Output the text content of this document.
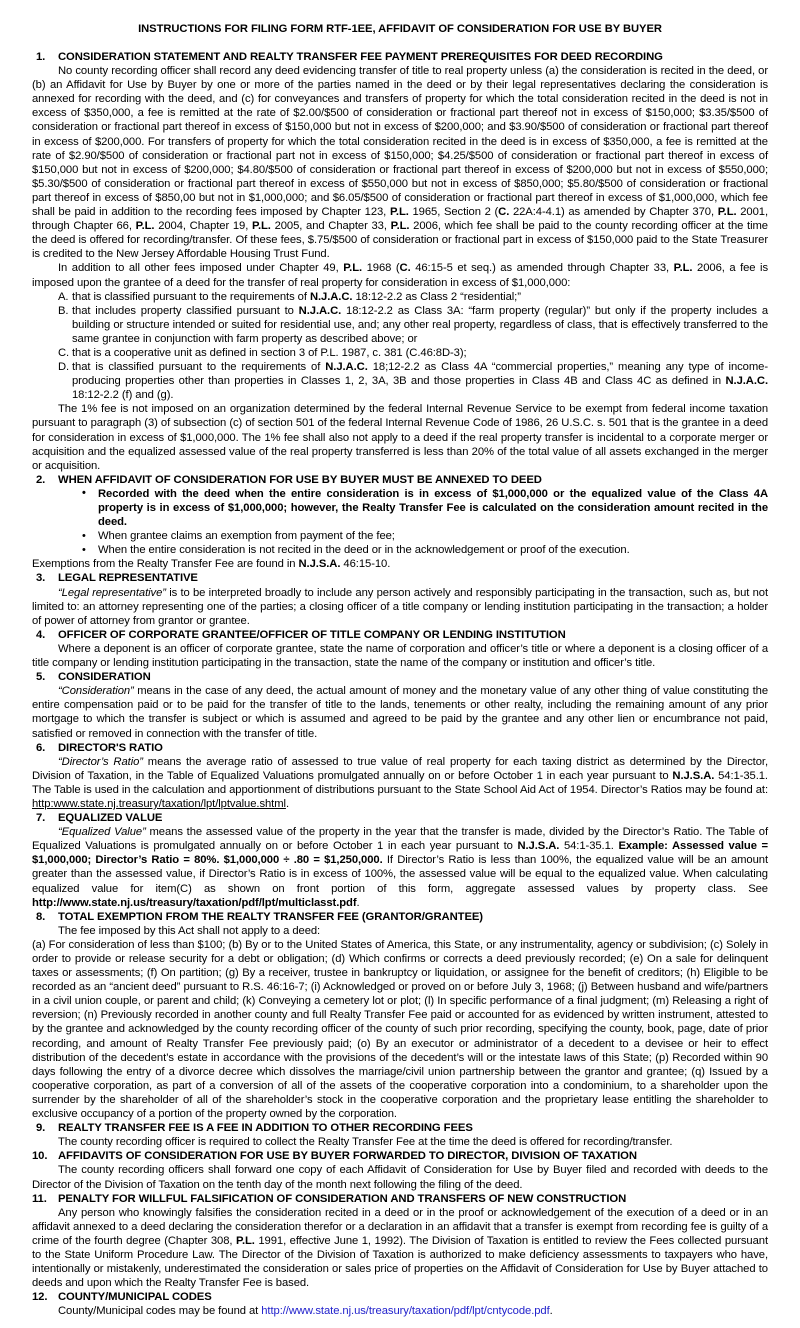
INSTRUCTIONS FOR FILING FORM RTF-1EE, AFFIDAVIT OF CONSIDERATION FOR USE BY BUYER
1.	CONSIDERATION STATEMENT AND REALTY TRANSFER FEE PAYMENT PREREQUISITES FOR DEED RECORDING

No county recording officer shall record any deed evidencing transfer of title to real property unless (a) the consideration is recited in the deed, or (b) an Affidavit for Use by Buyer by one or more of the parties named in the deed or by their legal representatives declaring the consideration is annexed for recording with the deed, and (c) for conveyances and transfers of property for which the total consideration recited in the deed is not in excess of $350,000, a fee is remitted at the rate of $2.00/$500 of consideration or fractional part thereof not in excess of $150,000; $3.35/$500 of consideration or fractional part thereof in excess of $150,000 but not in excess of $200,000; and $3.90/$500 of consideration or fractional part thereof in excess of $200,000. For transfers of property for which the total consideration recited in the deed is in excess of $350,000, a fee is remitted at the rate of $2.90/$500 of consideration or fractional part not in excess of $150,000; $4.25/$500 of consideration or fractional part thereof in excess of $150,000 but not in excess of $200,000; $4.80/$500 of consideration or fractional part thereof in excess of $200,000 but not in excess of $550,000; $5.30/$500 of consideration or fractional part thereof in excess of $550,000 but not in excess of $850,000; $5.80/$500 of consideration or fractional part thereof in excess of $850,00 but not in $1,000,000; and $6.05/$500 of consideration or fractional part thereof in excess of $1,000,000, which fee shall be paid in addition to the recording fees imposed by Chapter 123, P.L. 1965, Section 2 (C. 22A:4-4.1) as amended by Chapter 370, P.L. 2001, through Chapter 66, P.L. 2004, Chapter 19, P.L. 2005, and Chapter 33, P.L. 2006, which fee shall be paid to the county recording officer at the time the deed is offered for recording/transfer. Of these fees, $.75/$500 of consideration or fractional part in excess of $150,000 paid to the State Treasurer is credited to the New Jersey Affordable Housing Trust Fund.

In addition to all other fees imposed under Chapter 49, P.L. 1968 (C. 46:15-5 et seq.) as amended through Chapter 33, P.L. 2006, a fee is imposed upon the grantee of a deed for the transfer of real property for consideration in excess of $1,000,000:

A. that is classified pursuant to the requirements of N.J.A.C. 18:12-2.2 as Class 2 “residential;”

B. that includes property classified pursuant to N.J.A.C. 18:12-2.2 as Class 3A: “farm property (regular)” but only if the property includes a building or structure intended or suited for residential use, and; any other real property, regardless of class, that is effectively transferred to the same grantee in conjunction with farm property as described above; or

C. that is a cooperative unit as defined in section 3 of P.L. 1987, c. 381 (C.46:8D-3);

D. that is classified pursuant to the requirements of N.J.A.C. 18;12-2.2 as Class 4A “commercial properties,” meaning any type of income-producing properties other than properties in Classes 1, 2, 3A, 3B and those properties in Class 4B and Class 4C as defined in N.J.A.C. 18:12-2.2 (f) and (g).

The 1% fee is not imposed on an organization determined by the federal Internal Revenue Service to be exempt from federal income taxation pursuant to paragraph (3) of subsection (c) of section 501 of the federal Internal Revenue Code of 1986, 26 U.S.C. s. 501 that is the grantee in a deed for consideration in excess of $1,000,000. The 1% fee shall also not apply to a deed if the real property transfer is incidental to a corporate merger or acquisition and the equalized assessed value of the real property transferred is less than 20% of the total value of all assets exchanged in the merger or acquisition.

2.	WHEN AFFIDAVIT OF CONSIDERATION FOR USE BY BUYER MUST BE ANNEXED TO DEED
• Recorded with the deed when the entire consideration is in excess of $1,000,000 or the equalized value of the Class 4A property is in excess of $1,000,000; however, the Realty Transfer Fee is calculated on the consideration amount recited in the deed.
• When grantee claims an exemption from payment of the fee;
• When the entire consideration is not recited in the deed or in the acknowledgement or proof of the execution.

Exemptions from the Realty Transfer Fee are found in N.J.S.A. 46:15-10.

3.	LEGAL REPRESENTATIVE

“Legal representative” is to be interpreted broadly to include any person actively and responsibly participating in the transaction, such as, but not limited to: an attorney representing one of the parties; a closing officer of a title company or lending institution participating in the transaction; a holder of power of attorney from grantor or grantee.

4.	OFFICER OF CORPORATE GRANTEE/OFFICER OF TITLE COMPANY OR LENDING INSTITUTION

Where a deponent is an officer of corporate grantee, state the name of corporation and officer’s title or where a deponent is a closing officer of a title company or lending institution participating in the transaction, state the name of the company or institution and officer’s title.

5.	CONSIDERATION

“Consideration” means in the case of any deed, the actual amount of money and the monetary value of any other thing of value constituting the entire compensation paid or to be paid for the transfer of title to the lands, tenements or other realty, including the remaining amount of any prior mortgage to which the transfer is subject or which is assumed and agreed to be paid by the grantee and any other lien or encumbrance not paid, satisfied or removed in connection with the transfer of title.

6.	DIRECTOR'S RATIO

“Director’s Ratio” means the average ratio of assessed to true value of real property for each taxing district as determined by the Director, Division of Taxation, in the Table of Equalized Valuations promulgated annually on or before October 1 in each year pursuant to N.J.S.A. 54:1-35.1. The Table is used in the calculation and apportionment of distributions pursuant to the State School Aid Act of 1954. Director’s Ratios may be found at: http:www.state.nj.treasury/taxation/lpt/lptvalue.shtml.

7.	EQUALIZED VALUE

“Equalized Value” means the assessed value of the property in the year that the transfer is made, divided by the Director’s Ratio. The Table of Equalized Valuations is promulgated annually on or before October 1 in each year pursuant to N.J.S.A. 54:1-35.1. Example: Assessed value = $1,000,000; Director’s Ratio = 80%. $1,000,000 ÷ .80 = $1,250,000. If Director’s Ratio is less than 100%, the equalized value will be an amount greater than the assessed value, if Director’s Ratio is in excess of 100%, the assessed value will be equal to the equalized value. When calculating equalized value for item(C) as shown on front portion of this form, aggregate assessed values by property class. See http://www.state.nj.us/treasury/taxation/pdf/lpt/multiclasst.pdf.

8.	TOTAL EXEMPTION FROM THE REALTY TRANSFER FEE (GRANTOR/GRANTEE)

The fee imposed by this Act shall not apply to a deed:

(a) For consideration of less than $100; (b) By or to the United States of America, this State, or any instrumentality, agency or subdivision; (c) Solely in order to provide or release security for a debt or obligation; (d) Which confirms or corrects a deed previously recorded; (e) On a sale for delinquent taxes or assessments; (f) On partition; (g) By a receiver, trustee in bankruptcy or liquidation, or assignee for the benefit of creditors; (h) Eligible to be recorded as an “ancient deed” pursuant to R.S. 46:16-7; (i) Acknowledged or proved on or before July 3, 1968; (j) Between husband and wife/partners in a civil union couple, or parent and child; (k) Conveying a cemetery lot or plot; (l) In specific performance of a final judgment; (m) Releasing a right of reversion; (n) Previously recorded in another county and full Realty Transfer Fee paid or accounted for as evidenced by written instrument, attested to by the grantee and acknowledged by the county recording officer of the county of such prior recording, specifying the county, book, page, date of prior recording, and amount of Realty Transfer Fee previously paid; (o) By an executor or administrator of a decedent to a devisee or heir to effect distribution of the decedent’s estate in accordance with the provisions of the decedent’s will or the intestate laws of this State; (p) Recorded within 90 days following the entry of a divorce decree which dissolves the marriage/civil union partnership between the grantor and grantee; (q) Issued by a cooperative corporation, as part of a conversion of all of the assets of the cooperative corporation into a condominium, to a shareholder upon the surrender by the shareholder of all of the shareholder’s stock in the cooperative corporation and the proprietary lease entitling the shareholder to exclusive occupancy of a portion of the property owned by the corporation.

9.	REALTY TRANSFER FEE IS A FEE IN ADDITION TO OTHER RECORDING FEES

The county recording officer is required to collect the Realty Transfer Fee at the time the deed is offered for recording/transfer.

10. AFFIDAVITS OF CONSIDERATION FOR USE BY BUYER FORWARDED TO DIRECTOR, DIVISION OF TAXATION

The county recording officers shall forward one copy of each Affidavit of Consideration for Use by Buyer filed and recorded with deeds to the Director of the Division of Taxation on the tenth day of the month next following the filing of the deed.

11. PENALTY FOR WILLFUL FALSIFICATION OF CONSIDERATION AND TRANSFERS OF NEW CONSTRUCTION

Any person who knowingly falsifies the consideration recited in a deed or in the proof or acknowledgement of the execution of a deed or in an affidavit annexed to a deed declaring the consideration therefor or a declaration in an affidavit that a transfer is exempt from recording fee is guilty of a crime of the fourth degree (Chapter 308, P.L. 1991, effective June 1, 1992). The Division of Taxation is entitled to review the Fees collected pursuant to the State Uniform Procedure Law. The Director of the Division of Taxation is authorized to make deficiency assessments to taxpayers who have, intentionally or mistakenly, underestimated the consideration or sales price of properties on the Affidavit of Consideration for Use by Buyer attached to deeds and upon which the Realty Transfer Fee is based.

12. COUNTY/MUNICIPAL CODES

County/Municipal codes may be found at http://www.state.nj.us/treasury/taxation/pdf/lpt/cntycode.pdf.
